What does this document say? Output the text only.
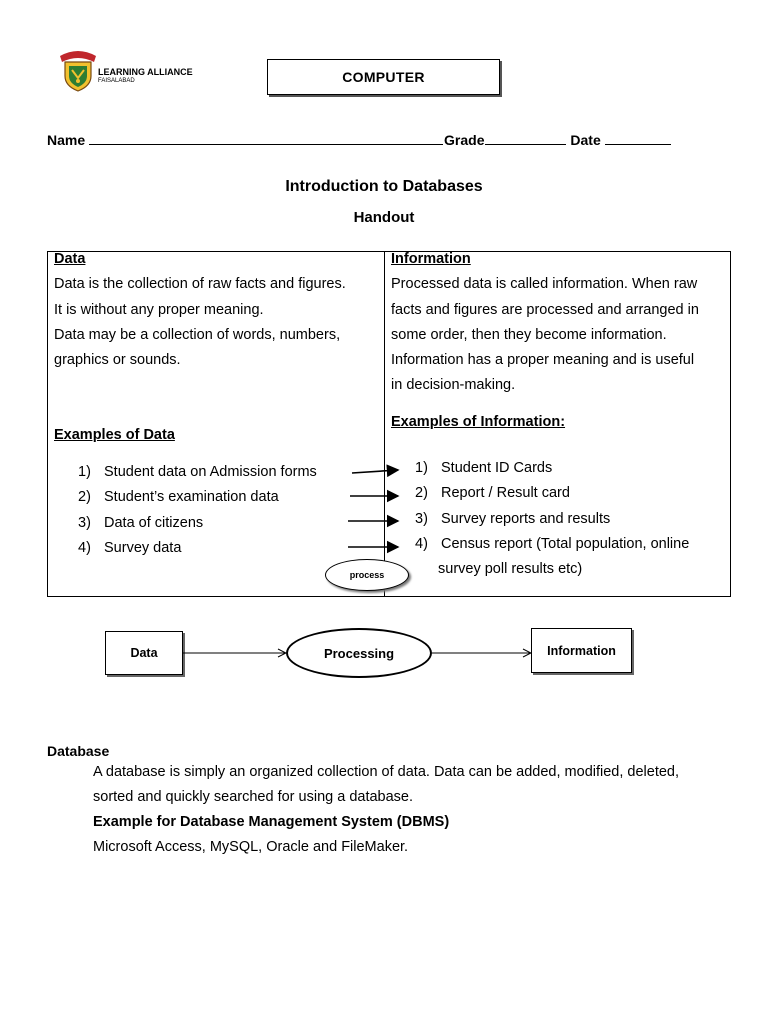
LEARNING ALLIANCE
FAISALABAD	COMPUTER
Name	Grade	Date
Introduction to Databases
Handout
Data
Data is the collection of raw facts and figures.
It is without any proper meaning.
Data may be a collection of words, numbers,
graphics or sounds.
Examples of Data
1) Student data on Admission forms
2) Student’s examination data
3) Data of citizens
4) Survey data
Information
Processed data is called information. When raw
facts and figures are processed and arranged in
some order, then they become information.
Information has a proper meaning and is useful
in decision-making.
Examples of Information:
1) Student ID Cards
2) Report / Result card
3) Survey reports and results
4) Census report (Total population, online
survey poll results etc)
process
Data	Processing	Information
Database
A database is simply an organized collection of data. Data can be added, modified, deleted,
sorted and quickly searched for using a database.
Example for Database Management System (DBMS)
Microsoft Access, MySQL, Oracle and FileMaker.
